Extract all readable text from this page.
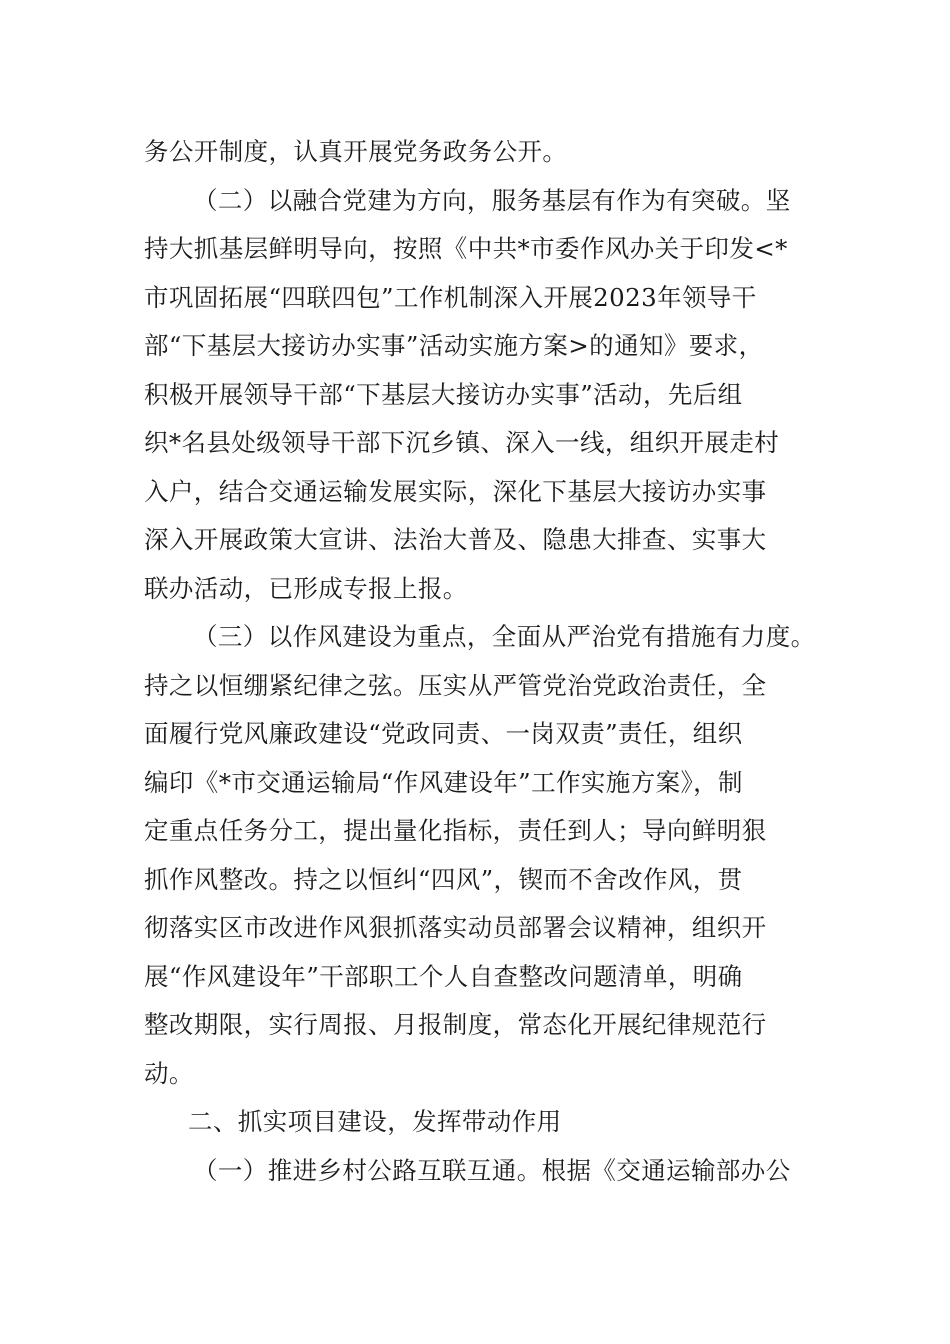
务公开制度，认真开展党务政务公开。

（二）以融合党建为方向，服务基层有作为有突破。坚
持大抓基层鲜明导向，按照《中共*市委作风办关于印发<*
市巩固拓展“四联四包”工作机制深入开展2023年领导干
部“下基层大接访办实事”活动实施方案>的通知》要求，
积极开展领导干部“下基层大接访办实事”活动，先后组
织*名县处级领导干部下沉乡镇、深入一线，组织开展走村
入户，结合交通运输发展实际，深化下基层大接访办实事
深入开展政策大宣讲、法治大普及、隐患大排查、实事大
联办活动，已形成专报上报。

（三）以作风建设为重点，全面从严治党有措施有力度。
持之以恒绷紧纪律之弦。压实从严管党治党政治责任，全
面履行党风廉政建设“党政同责、一岗双责”责任，组织
编印《*市交通运输局“作风建设年”工作实施方案》，制
定重点任务分工，提出量化指标，责任到人；导向鲜明狠
抓作风整改。持之以恒纠“四风”，锲而不舍改作风，贯
彻落实区市改进作风狠抓落实动员部署会议精神，组织开
展“作风建设年”干部职工个人自查整改问题清单，明确
整改期限，实行周报、月报制度，常态化开展纪律规范行
动。

二、抓实项目建设，发挥带动作用

（一）推进乡村公路互联互通。根据《交通运输部办公
